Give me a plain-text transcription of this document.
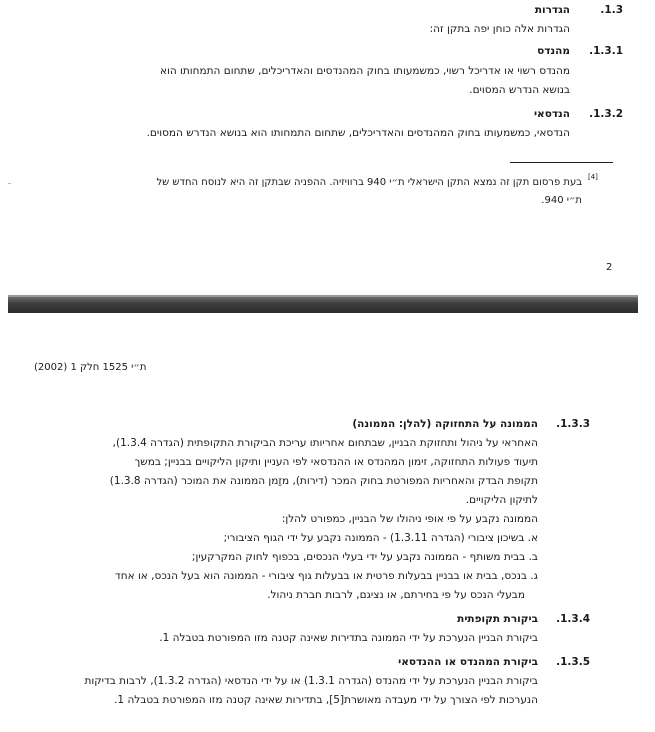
.1.3
הגדרות
הגדרות אלה כוחן יפה בתקן זה:
.1.3.1
מהנדס
מהנדס רשוי או אדריכל רשוי, כמשמעותו בחוק המהנדסים והאדריכלים, שתחום התמחותו הוא
בנושא הנדרש המסוים.
.1.3.2
הנדסאי
הנדסאי, כמשמעותו בחוק המהנדסים והאדריכלים, שתחום התמחותו הוא בנושא הנדרש המסוים.
[4]
בעת פרסום תקן זה נמצא התקן הישראלי ת״י 940 ברוויזיה. ההפניה שבתקן זה היא לנוסח החדש של
ת״י 940.
2
ת״י 1525 חלק 1 (2002)
.1.3.3
הממונה על התחזוקה (להלן: הממונה)
האחראי על ניהול ותחזוקת הבניין, שבתחום אחריותו עריכת הביקורת התקופתית (הגדרה 1.3.4),
תיעוד פעולות התחזוקה, זימון המהנדס או ההנדסאי לפי העניין ותיקון הליקויים בבניין; במשך
תקופת הבדק והאחריות המפורטת בחוק המכר (דירות), מזַמן הממונה את המוכר (הגדרה 1.3.8)
לתיקון הליקויים.
הממונה נקבע על פי אופי ניהולו של הבניין, כמפורט להלן:
א. בשיכון ציבורי (הגדרה 1.3.11) - הממונה נקבע על ידי הגוף הציבורי;
ב. בבית משותף - הממונה נקבע על ידי בעלי הנכסים, בכפוף לחוק המקרקעין;
ג. בנכס, בבית או בבניין בבעלות פרטית או בבעלות גוף ציבורי - הממונה הוא בעל הנכס, או אחד
מבעלי הנכס על פי בחירתם, או נציגם, לרבות חברת ניהול.
.1.3.4
ביקורת תקופתית
ביקורת הבניין הנערכת על ידי הממונה בתדירות שאינה קטנה מזו המפורטת בטבלה 1.
.1.3.5
ביקורת המהנדס או ההנדסאי
ביקורת הבניין הנערכת על ידי מהנדס (הגדרה 1.3.1) או על ידי הנדסאי (הגדרה 1.3.2), לרבות בדיקות
הנערכות לפי הצורך על ידי מעבדה מאושרת[5], בתדירות שאינה קטנה מזו המפורטת בטבלה 1.
